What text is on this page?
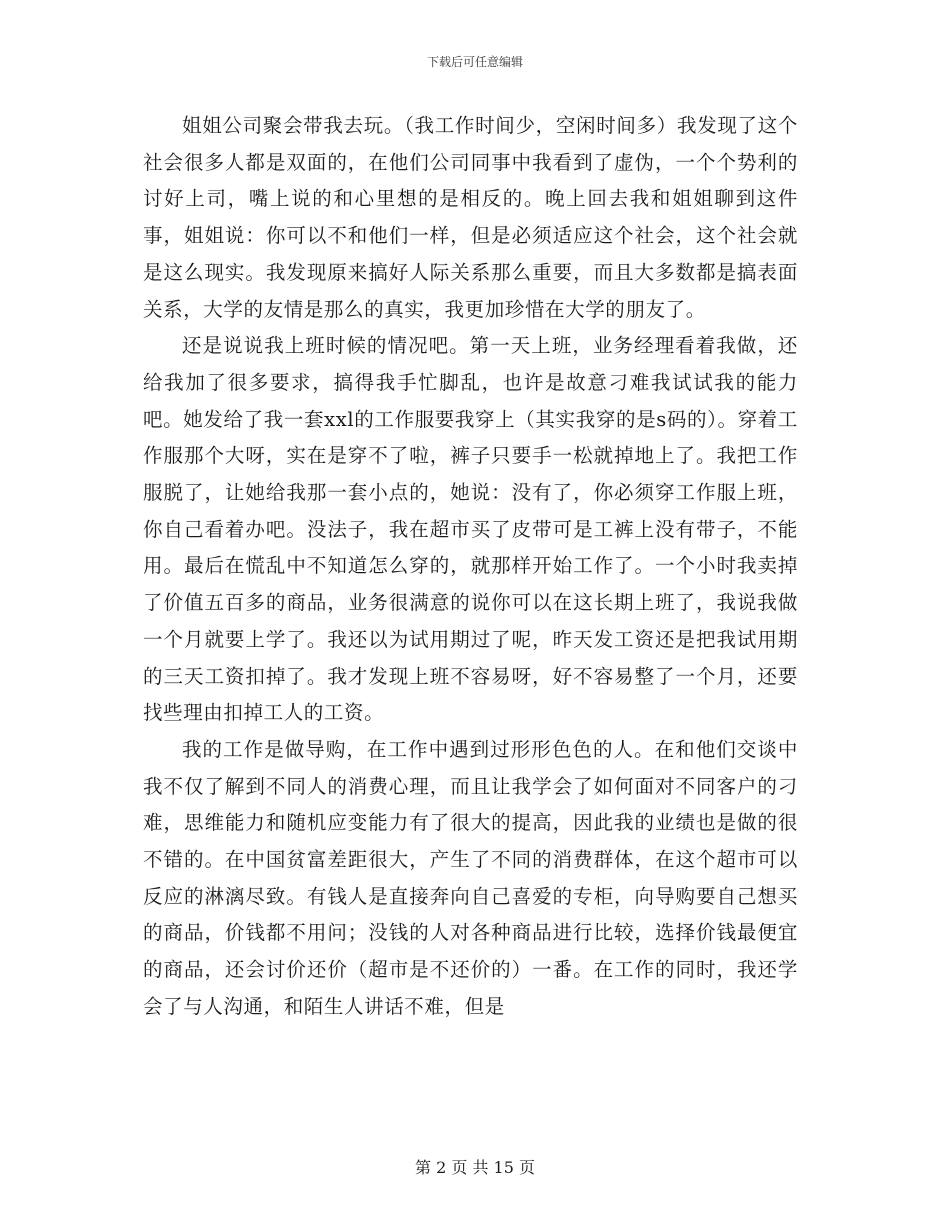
下载后可任意编辑

姐姐公司聚会带我去玩。（我工作时间少，空闲时间多）我发现了这个社会很多人都是双面的，在他们公司同事中我看到了虚伪，一个个势利的讨好上司，嘴上说的和心里想的是相反的。晚上回去我和姐姐聊到这件事，姐姐说：你可以不和他们一样，但是必须适应这个社会，这个社会就是这么现实。我发现原来搞好人际关系那么重要，而且大多数都是搞表面关系，大学的友情是那么的真实，我更加珍惜在大学的朋友了。

还是说说我上班时候的情况吧。第一天上班，业务经理看着我做，还给我加了很多要求，搞得我手忙脚乱，也许是故意刁难我试试我的能力吧。她发给了我一套xxl的工作服要我穿上（其实我穿的是s码的）。穿着工作服那个大呀，实在是穿不了啦，裤子只要手一松就掉地上了。我把工作服脱了，让她给我那一套小点的，她说：没有了，你必须穿工作服上班，你自己看着办吧。没法子，我在超市买了皮带可是工裤上没有带子，不能用。最后在慌乱中不知道怎么穿的，就那样开始工作了。一个小时我卖掉了价值五百多的商品，业务很满意的说你可以在这长期上班了，我说我做一个月就要上学了。我还以为试用期过了呢，昨天发工资还是把我试用期的三天工资扣掉了。我才发现上班不容易呀，好不容易整了一个月，还要找些理由扣掉工人的工资。

我的工作是做导购，在工作中遇到过形形色色的人。在和他们交谈中我不仅了解到不同人的消费心理，而且让我学会了如何面对不同客户的刁难，思维能力和随机应变能力有了很大的提高，因此我的业绩也是做的很不错的。在中国贫富差距很大，产生了不同的消费群体，在这个超市可以反应的淋漓尽致。有钱人是直接奔向自己喜爱的专柜，向导购要自己想买的商品，价钱都不用问；没钱的人对各种商品进行比较，选择价钱最便宜的商品，还会讨价还价（超市是不还价的）一番。在工作的同时，我还学会了与人沟通，和陌生人讲话不难，但是

第 2 页 共 15 页
